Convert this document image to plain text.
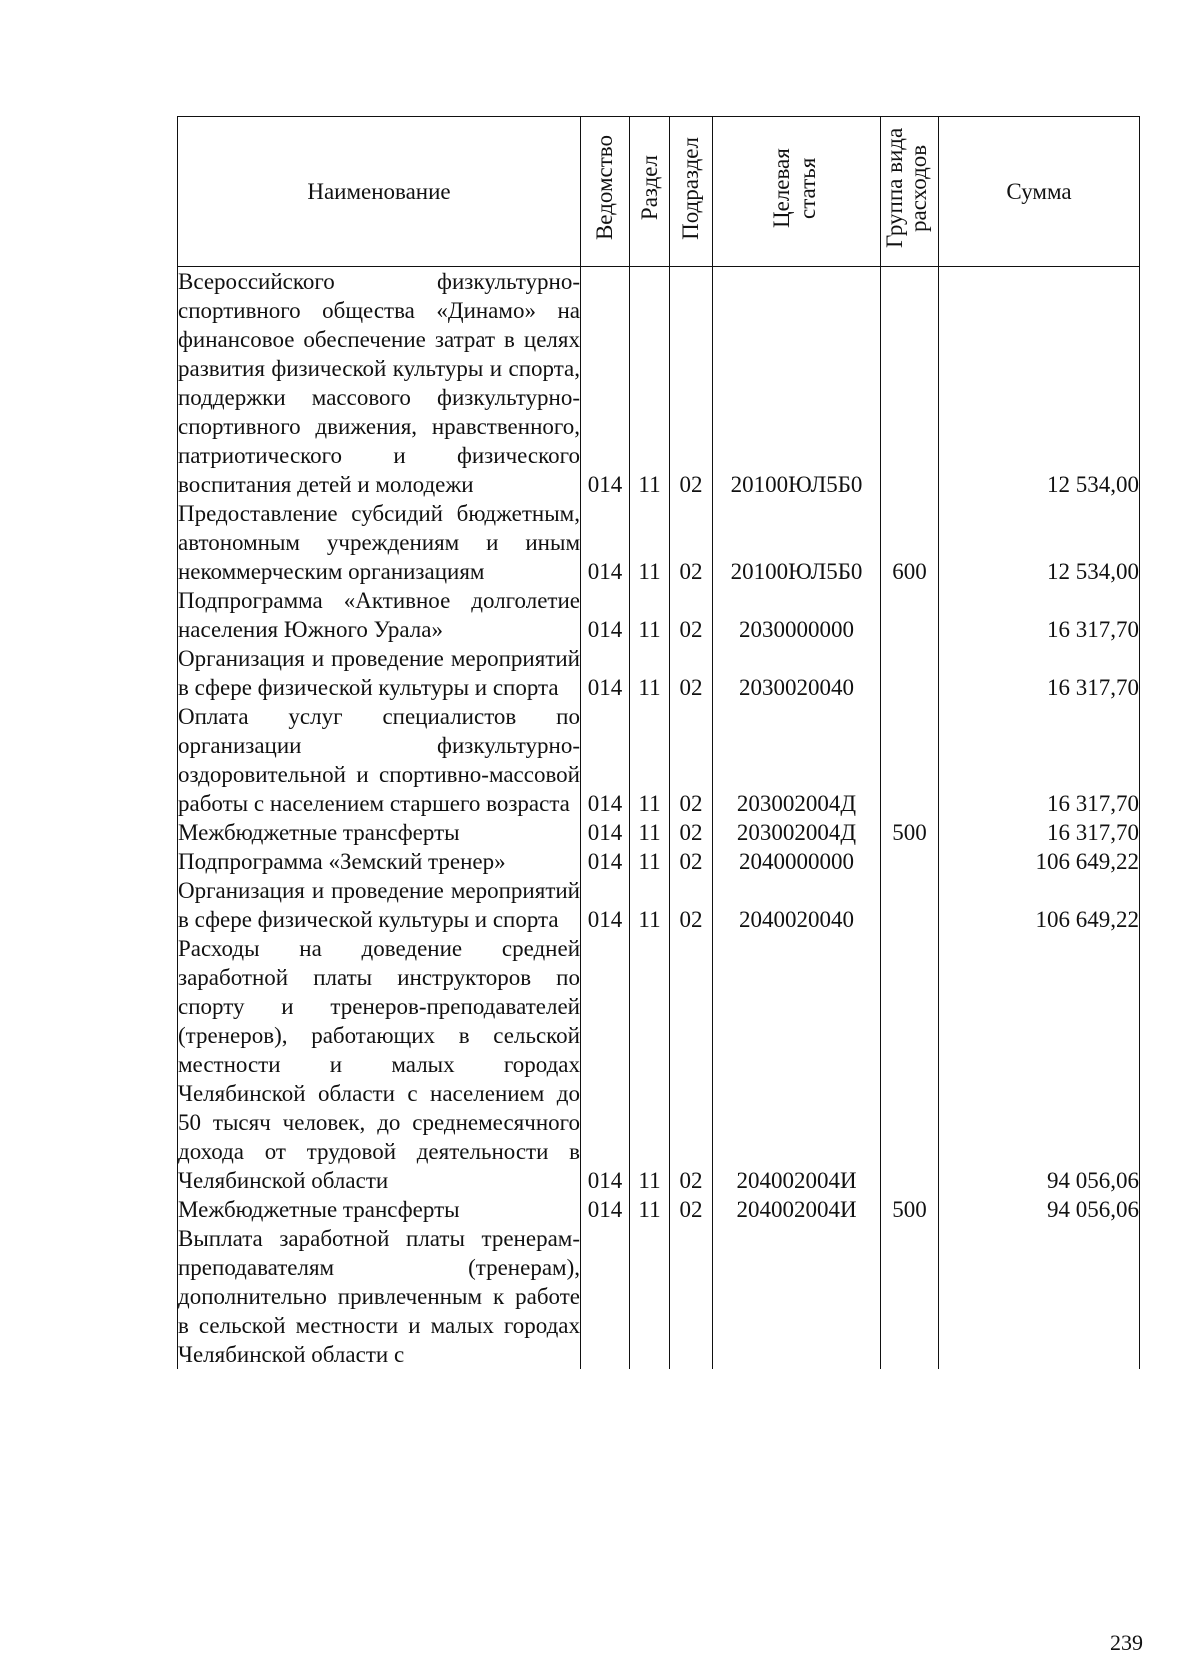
Наименование	Ведомство	Раздел	Подраздел	Целевая статья	Группа вида расходов	Сумма
Всероссийского физкультурно-спортивного общества «Динамо» на финансовое обеспечение затрат в целях развития физической культуры и спорта, поддержки массового физкультурно-спортивного движения, нравственного, патриотического и физического воспитания детей и молодежи	014	11	02	20100ЮЛ5Б0		12 534,00
Предоставление субсидий бюджетным, автономным учреждениям и иным некоммерческим организациям	014	11	02	20100ЮЛ5Б0	600	12 534,00
Подпрограмма «Активное долголетие населения Южного Урала»	014	11	02	2030000000		16 317,70
Организация и проведение мероприятий в сфере физической культуры и спорта	014	11	02	2030020040		16 317,70
Оплата услуг специалистов по организации физкультурно-оздоровительной и спортивно-массовой работы с населением старшего возраста	014	11	02	203002004Д		16 317,70
Межбюджетные трансферты	014	11	02	203002004Д	500	16 317,70
Подпрограмма «Земский тренер»	014	11	02	2040000000		106 649,22
Организация и проведение мероприятий в сфере физической культуры и спорта	014	11	02	2040020040		106 649,22
Расходы на доведение средней заработной платы инструкторов по спорту и тренеров-преподавателей (тренеров), работающих в сельской местности и малых городах Челябинской области с населением до 50 тысяч человек, до среднемесячного дохода от трудовой деятельности в Челябинской области	014	11	02	204002004И		94 056,06
Межбюджетные трансферты	014	11	02	204002004И	500	94 056,06
Выплата заработной платы тренерам-преподавателям (тренерам), дополнительно привлеченным к работе в сельской местности и малых городах Челябинской области с						
239
